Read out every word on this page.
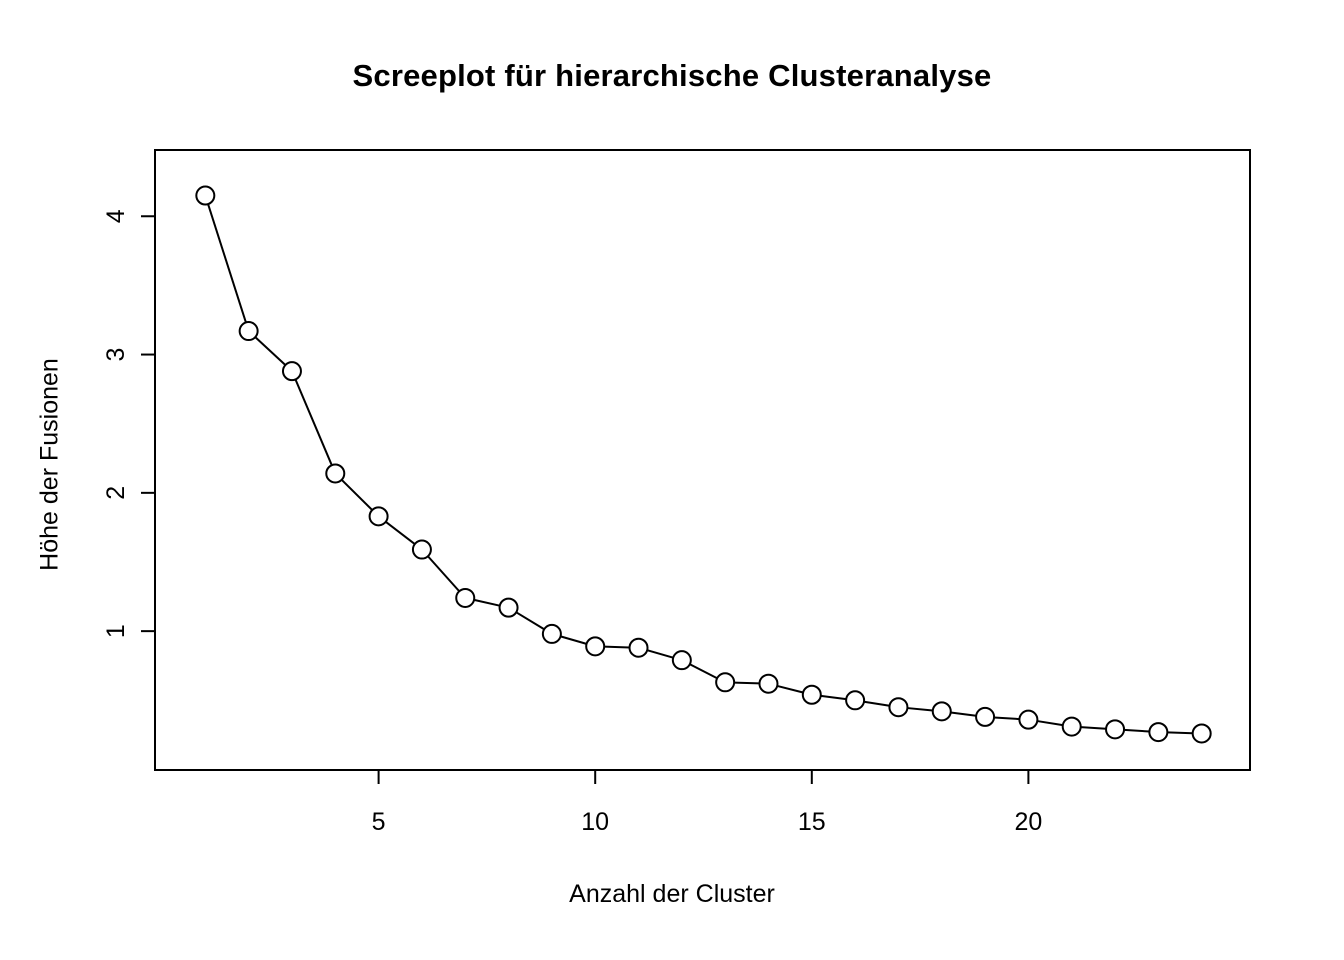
Screeplot für hierarchische Clusteranalyse
5	10	15	20
1
2
3
4
Anzahl der Cluster
Höhe der Fusionen
